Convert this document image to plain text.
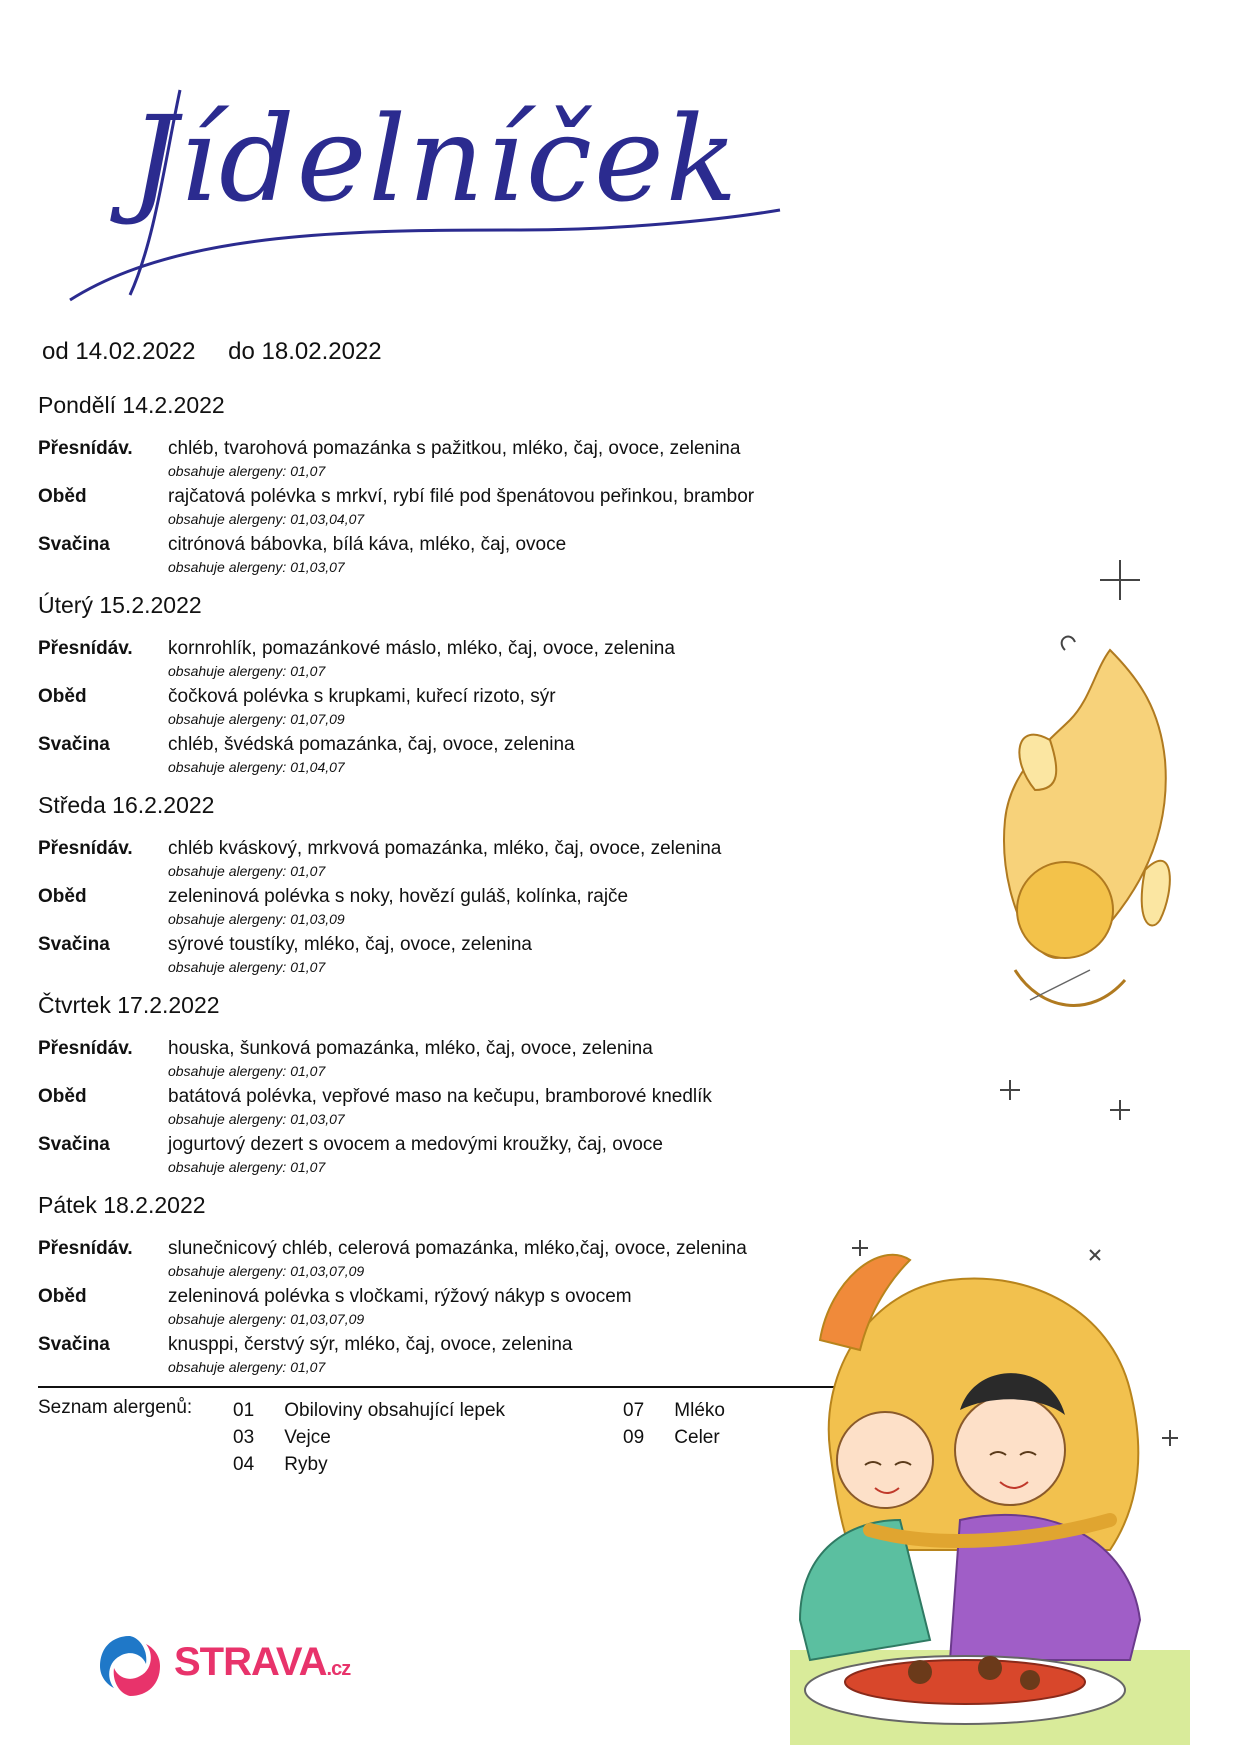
Jídelníček
od 14.02.2022 do 18.02.2022
Pondělí 14.2.2022
Přesnídáv. chléb, tvarohová pomazánka s pažitkou, mléko, čaj, ovoce, zelenina
obsahuje alergeny: 01,07
Oběd	rajčatová polévka s mrkví, rybí filé pod špenátovou peřinkou, brambor
obsahuje alergeny: 01,03,04,07
Svačina	citrónová bábovka, bílá káva, mléko, čaj, ovoce
obsahuje alergeny: 01,03,07
Úterý 15.2.2022
Přesnídáv. kornrohlík, pomazánkové máslo, mléko, čaj, ovoce, zelenina
obsahuje alergeny: 01,07
Oběd	čočková polévka s krupkami, kuřecí rizoto, sýr
obsahuje alergeny: 01,07,09
Svačina	chléb, švédská pomazánka, čaj, ovoce, zelenina
obsahuje alergeny: 01,04,07
Středa 16.2.2022
Přesnídáv. chléb kváskový, mrkvová pomazánka, mléko, čaj, ovoce, zelenina
obsahuje alergeny: 01,07
Oběd	zeleninová polévka s noky, hovězí guláš, kolínka, rajče
obsahuje alergeny: 01,03,09
Svačina	sýrové toustíky, mléko, čaj, ovoce, zelenina
obsahuje alergeny: 01,07
Čtvrtek 17.2.2022
Přesnídáv. houska, šunková pomazánka, mléko, čaj, ovoce, zelenina
obsahuje alergeny: 01,07
Oběd	batátová polévka, vepřové maso na kečupu, bramborové knedlík
obsahuje alergeny: 01,03,07
Svačina	jogurtový dezert s ovocem a medovými kroužky, čaj, ovoce
obsahuje alergeny: 01,07
Pátek 18.2.2022
Přesnídáv. slunečnicový chléb, celerová pomazánka, mléko,čaj, ovoce, zelenina
obsahuje alergeny: 01,03,07,09
Oběd	zeleninová polévka s vločkami, rýžový nákyp s ovocem
obsahuje alergeny: 01,03,07,09
Svačina	knusppi, čerstvý sýr, mléko, čaj, ovoce, zelenina
obsahuje alergeny: 01,07
Seznam alergenů: 01 Obiloviny obsahující lepek
03 Vejce
04 Ryby
07 Mléko
09 Celer
STRAVA.cz
